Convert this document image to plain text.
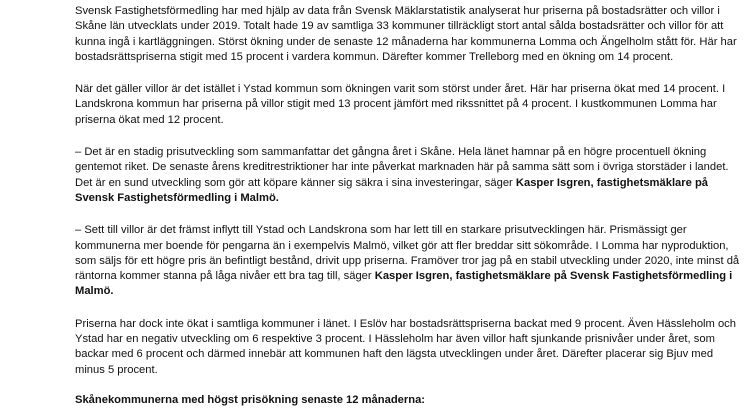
Svensk Fastighetsförmedling har med hjälp av data från Svensk Mäklarstatistik analyserat hur priserna på bostadsrätter och villor i Skåne län utvecklats under 2019. Totalt hade 19 av samtliga 33 kommuner tillräckligt stort antal sålda bostadsrätter och villor för att kunna ingå i kartläggningen. Störst ökning under de senaste 12 månaderna har kommunerna Lomma och Ängelholm stått för. Här har bostadsrättspriserna stigit med 15 procent i vardera kommun. Därefter kommer Trelleborg med en ökning om 14 procent.

När det gäller villor är det istället i Ystad kommun som ökningen varit som störst under året. Här har priserna ökat med 14 procent. I Landskrona kommun har priserna på villor stigit med 13 procent jämfört med rikssnittet på 4 procent. I kustkommunen Lomma har priserna ökat med 12 procent.

– Det är en stadig prisutveckling som sammanfattar det gångna året i Skåne. Hela länet hamnar på en högre procentuell ökning gentemot riket. De senaste årens kreditrestriktioner har inte påverkat marknaden här på samma sätt som i övriga storstäder i landet. Det är en sund utveckling som gör att köpare känner sig säkra i sina investeringar, säger Kasper Isgren, fastighetsmäklare på Svensk Fastighetsförmedling i Malmö.

– Sett till villor är det främst inflytt till Ystad och Landskrona som har lett till en starkare prisutvecklingen här. Prismässigt ger kommunerna mer boende för pengarna än i exempelvis Malmö, vilket gör att fler breddar sitt sökområde. I Lomma har nyproduktion, som säljs för ett högre pris än befintligt bestånd, drivit upp priserna. Framöver tror jag på en stabil utveckling under 2020, inte minst då räntorna kommer stanna på låga nivåer ett bra tag till, säger Kasper Isgren, fastighetsmäklare på Svensk Fastighetsförmedling i Malmö.

Priserna har dock inte ökat i samtliga kommuner i länet. I Eslöv har bostadsrättspriserna backat med 9 procent. Även Hässleholm och Ystad har en negativ utveckling om 6 respektive 3 procent. I Hässleholm har även villor haft sjunkande prisnivåer under året, som backar med 6 procent och därmed innebär att kommunen haft den lägsta utvecklingen under året. Därefter placerar sig Bjuv med minus 5 procent.

Skånekommunerna med högst prisökning senaste 12 månaderna:
